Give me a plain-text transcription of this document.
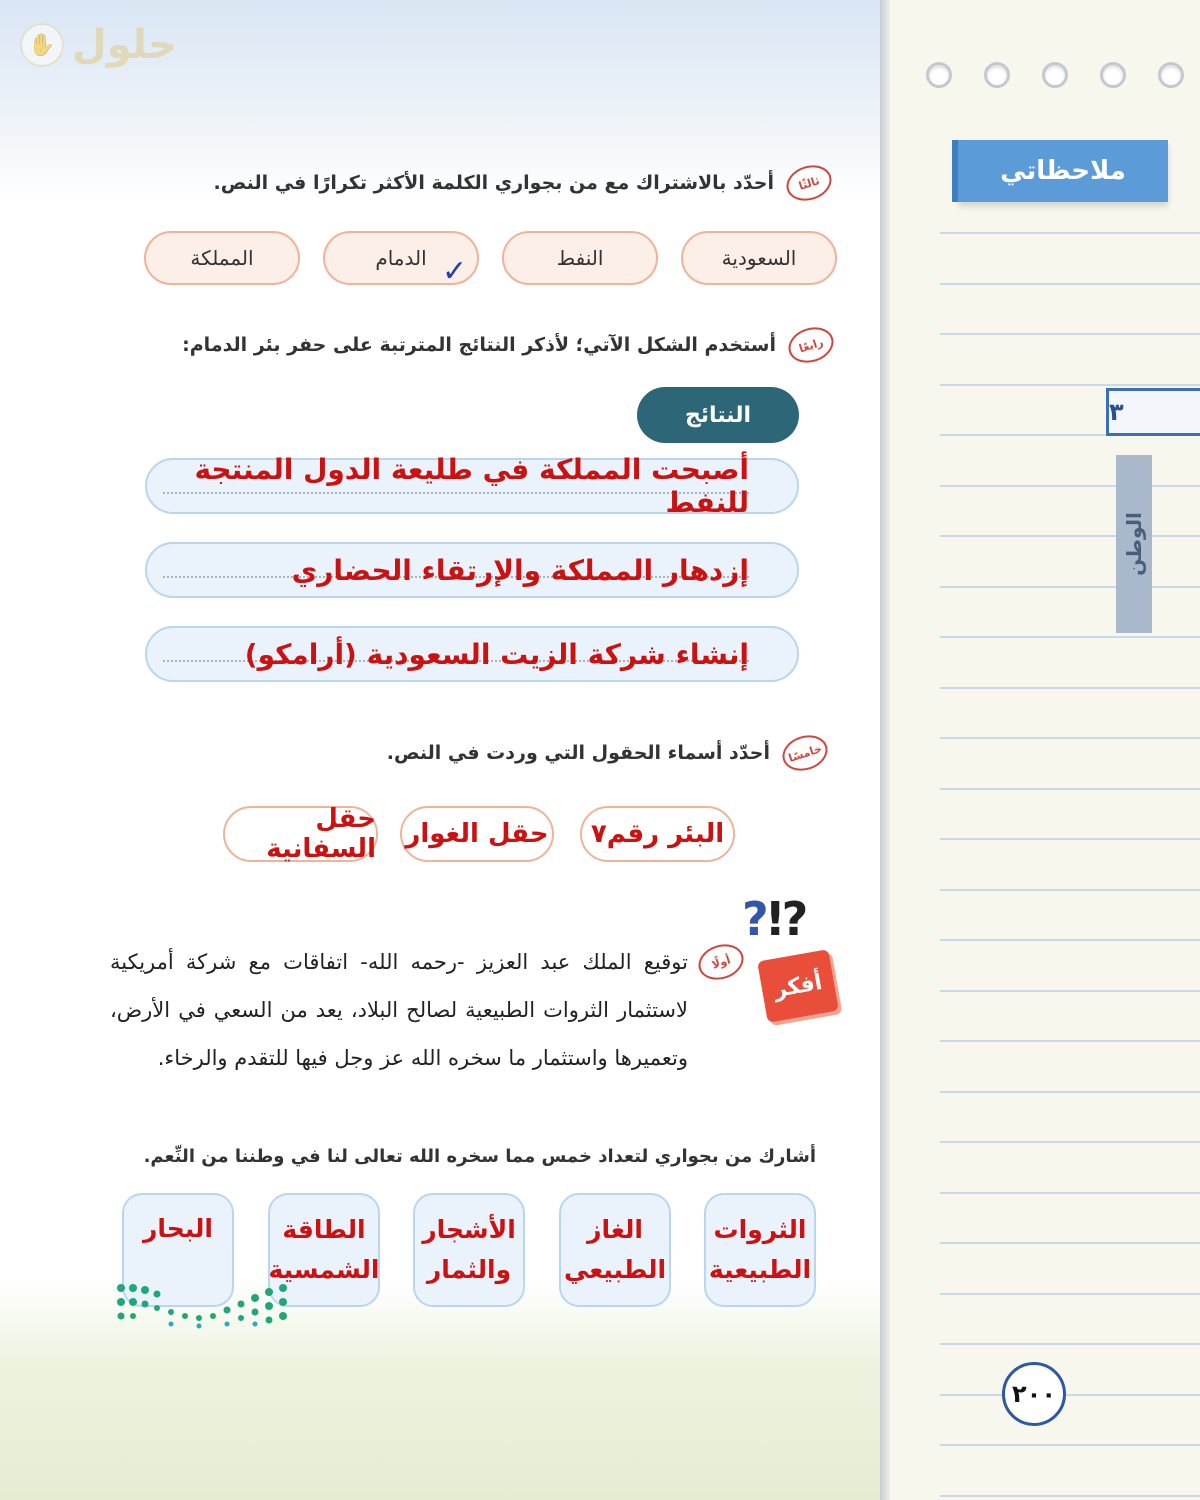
ملاحظاتي
٣
الوطن
٢٠٠
✋ حلول
ثالثًا
أحدّد بالاشتراك مع من بجواري الكلمة الأكثر تكرارًا في النص.
السعودية
النفط
الدمام ✓
المملكة
رابعًا
أستخدم الشكل الآتي؛ لأذكر النتائج المترتبة على حفر بئر الدمام:
النتائج
أصبحت المملكة في طليعة الدول المنتجة للنفط
إزدهار المملكة والإرتقاء الحضاري
إنشاء شركة الزيت السعودية (أرامكو)
خامسًا
أحدّد أسماء الحقول التي وردت في النص.
البئر رقم٧
حقل الغوار
حقل السفانية
?!?
أفكر
أولًا

توقيع الملك عبد العزيز -رحمه الله- اتفاقات مع شركة أمريكية لاستثمار الثروات الطبيعية لصالح البلاد، يعد من السعي في الأرض، وتعميرها واستثمار ما سخره الله عز وجل فيها للتقدم والرخاء.

أشارك من بجواري لتعداد خمس مما سخره الله تعالى لنا في وطننا من النِّعم.
الثروات
الطبيعية
الغاز
الطبيعي
الأشجار
والثمار
الطاقة
الشمسية
البحار
